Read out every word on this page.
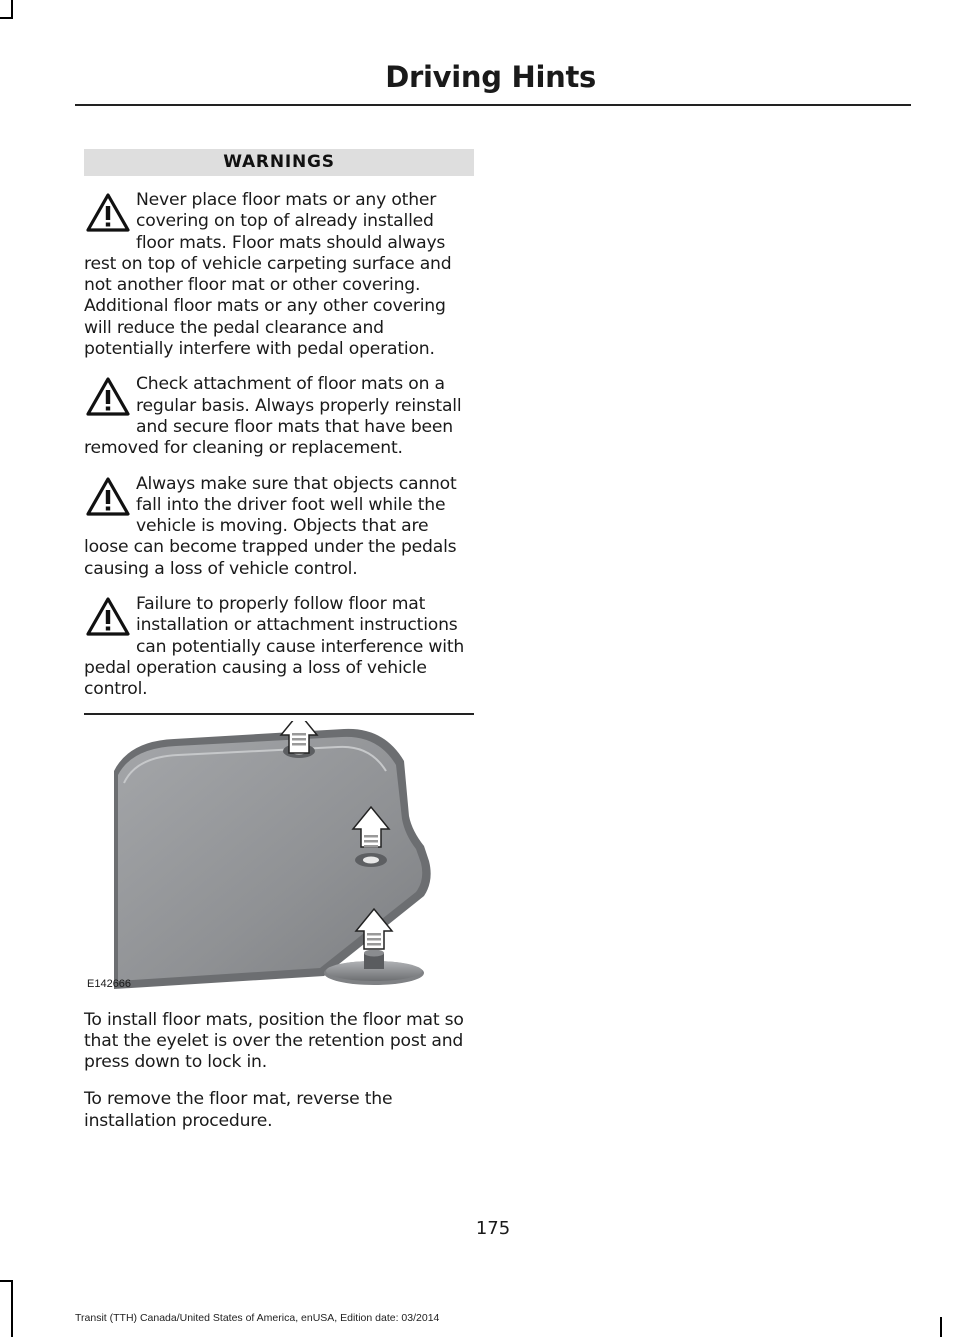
Driving Hints
WARNINGS
Never place floor mats or any other covering on top of already installed floor mats. Floor mats should always rest on top of vehicle carpeting surface and not another floor mat or other covering. Additional floor mats or any other covering will reduce the pedal clearance and potentially interfere with pedal operation.
Check attachment of floor mats on a regular basis. Always properly reinstall and secure floor mats that have been removed for cleaning or replacement.
Always make sure that objects cannot fall into the driver foot well while the vehicle is moving. Objects that are loose can become trapped under the pedals causing a loss of vehicle control.
Failure to properly follow floor mat installation or attachment instructions can potentially cause interference with pedal operation causing a loss of vehicle control.
E142666
To install floor mats, position the floor mat so that the eyelet is over the retention post and press down to lock in.
To remove the floor mat, reverse the installation procedure.
175
Transit (TTH) Canada/United States of America, enUSA, Edition date: 03/2014
